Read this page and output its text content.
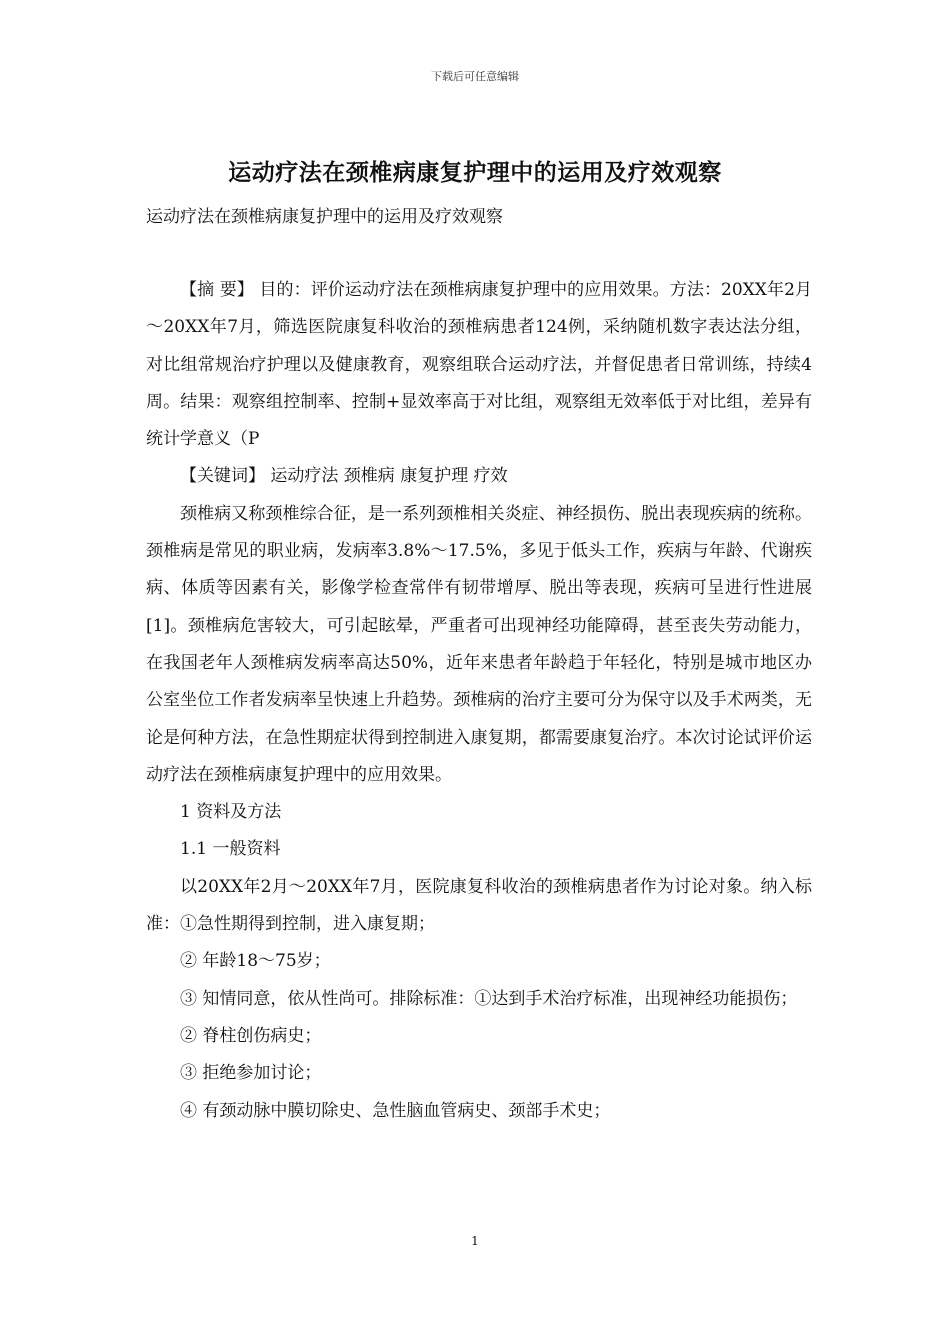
下载后可任意编辑
运动疗法在颈椎病康复护理中的运用及疗效观察
运动疗法在颈椎病康复护理中的运用及疗效观察

【摘 要】 目的：评价运动疗法在颈椎病康复护理中的应用效果。方法：20XX年2月～20XX年7月，筛选医院康复科收治的颈椎病患者124例，采纳随机数字表达法分组，对比组常规治疗护理以及健康教育，观察组联合运动疗法，并督促患者日常训练，持续4周。结果：观察组控制率、控制+显效率高于对比组，观察组无效率低于对比组，差异有统计学意义（P

【关键词】 运动疗法 颈椎病 康复护理 疗效

颈椎病又称颈椎综合征，是一系列颈椎相关炎症、神经损伤、脱出表现疾病的统称。颈椎病是常见的职业病，发病率3.8%～17.5%，多见于低头工作，疾病与年龄、代谢疾病、体质等因素有关，影像学检查常伴有韧带增厚、脱出等表现，疾病可呈进行性进展[1]。颈椎病危害较大，可引起眩晕，严重者可出现神经功能障碍，甚至丧失劳动能力，在我国老年人颈椎病发病率高达50%，近年来患者年龄趋于年轻化，特别是城市地区办公室坐位工作者发病率呈快速上升趋势。颈椎病的治疗主要可分为保守以及手术两类，无论是何种方法，在急性期症状得到控制进入康复期，都需要康复治疗。本次讨论试评价运动疗法在颈椎病康复护理中的应用效果。

1 资料及方法

1.1 一般资料

以20XX年2月～20XX年7月，医院康复科收治的颈椎病患者作为讨论对象。纳入标准：①急性期得到控制，进入康复期；

② 年龄18～75岁；

③ 知情同意，依从性尚可。排除标准：①达到手术治疗标准，出现神经功能损伤；

② 脊柱创伤病史；

③ 拒绝参加讨论；

④ 有颈动脉中膜切除史、急性脑血管病史、颈部手术史；

1
